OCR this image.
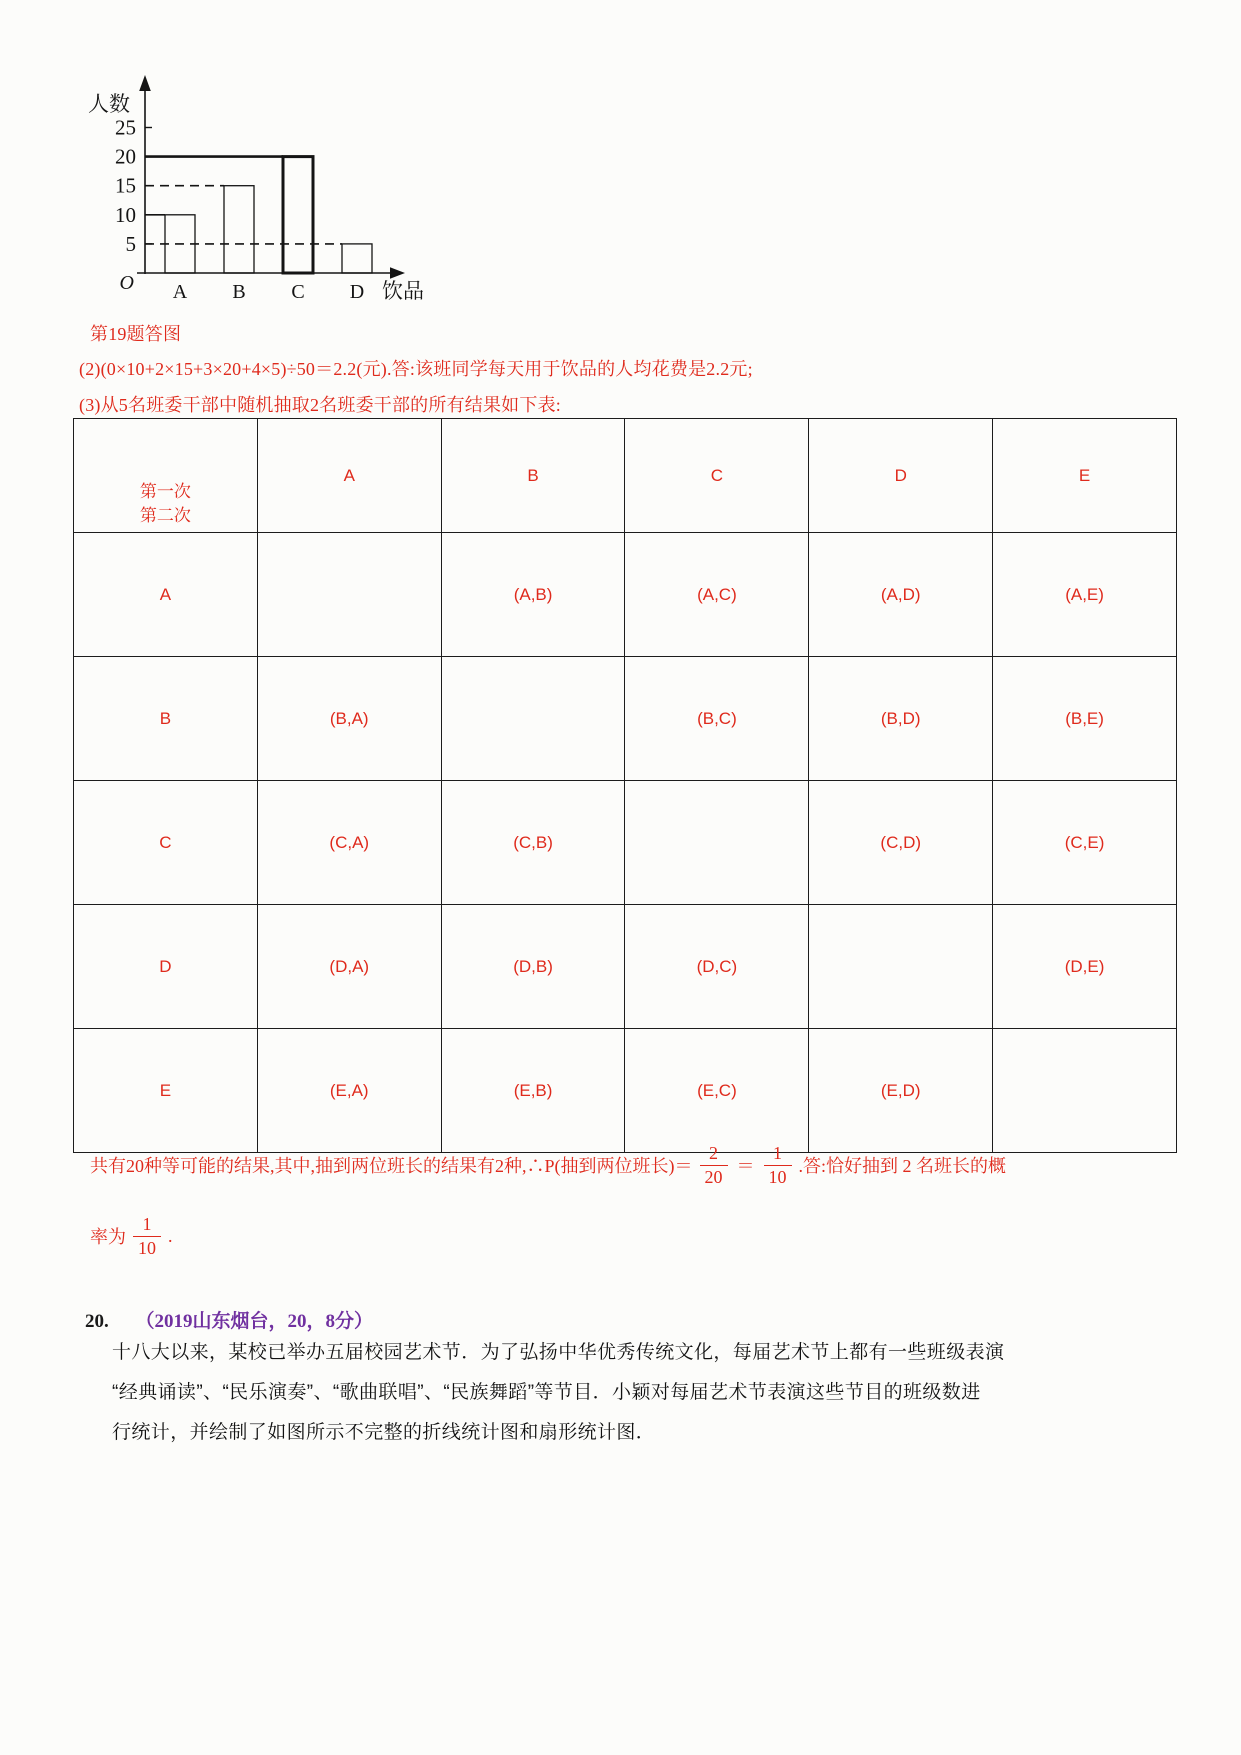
5
10
15
20
25
A B C D
人数
饮品
O
第19题答图
(2)(0×10+2×15+3×20+4×5)÷50＝2.2(元).答:该班同学每天用于饮品的人均花费是2.2元;
(3)从5名班委干部中随机抽取2名班委干部的所有结果如下表:
第一次
第二次	A	B	C	D	E
A		(A,B)	(A,C)	(A,D)	(A,E)
B	(B,A)		(B,C)	(B,D)	(B,E)
C	(C,A)	(C,B)		(C,D)	(C,E)
D	(D,A)	(D,B)	(D,C)		(D,E)
E	(E,A)	(E,B)	(E,C)	(E,D)	
共有20种等可能的结果,其中,抽到两位班长的结果有2种,∴P(抽到两位班长)＝ $\frac{2}{20} = \frac{1}{10}$ .答:恰好抽到 2 名班长的概
率为 $\frac{1}{10}$ .
20. （2019山东烟台，20，8分）
十八大以来，某校已举办五届校园艺术节．为了弘扬中华优秀传统文化，每届艺术节上都有一些班级表演
“经典诵读”、“民乐演奏”、“歌曲联唱”、“民族舞蹈”等节目．小颖对每届艺术节表演这些节目的班级数进
行统计，并绘制了如图所示不完整的折线统计图和扇形统计图．
